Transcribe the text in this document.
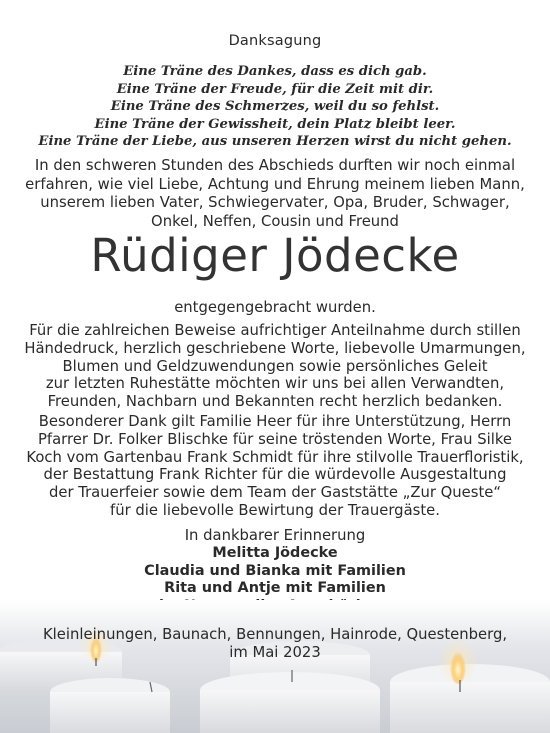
Danksagung
Eine Träne des Dankes, dass es dich gab.
Eine Träne der Freude, für die Zeit mit dir.
Eine Träne des Schmerzes, weil du so fehlst.
Eine Träne der Gewissheit, dein Platz bleibt leer.
Eine Träne der Liebe, aus unseren Herzen wirst du nicht gehen.
In den schweren Stunden des Abschieds durften wir noch einmal
erfahren, wie viel Liebe, Achtung und Ehrung meinem lieben Mann,
unserem lieben Vater, Schwiegervater, Opa, Bruder, Schwager,
Onkel, Neffen, Cousin und Freund
Rüdiger Jödecke
entgegengebracht wurden.
Für die zahlreichen Beweise aufrichtiger Anteilnahme durch stillen
Händedruck, herzlich geschriebene Worte, liebevolle Umarmungen,
Blumen und Geldzuwendungen sowie persönliches Geleit
zur letzten Ruhestätte möchten wir uns bei allen Verwandten,
Freunden, Nachbarn und Bekannten recht herzlich bedanken.
Besonderer Dank gilt Familie Heer für ihre Unterstützung, Herrn
Pfarrer Dr. Folker Blischke für seine tröstenden Worte, Frau Silke
Koch vom Gartenbau Frank Schmidt für ihre stilvolle Trauerfloristik,
der Bestattung Frank Richter für die würdevolle Ausgestaltung
der Trauerfeier sowie dem Team der Gaststätte „Zur Queste“
für die liebevolle Bewirtung der Trauergäste.
In dankbarer Erinnerung
Melitta Jödecke
Claudia und Bianka mit Familien
Rita und Antje mit Familien
Kleinleinungen, Baunach, Bennungen, Hainrode, Questenberg,
im Mai 2023
